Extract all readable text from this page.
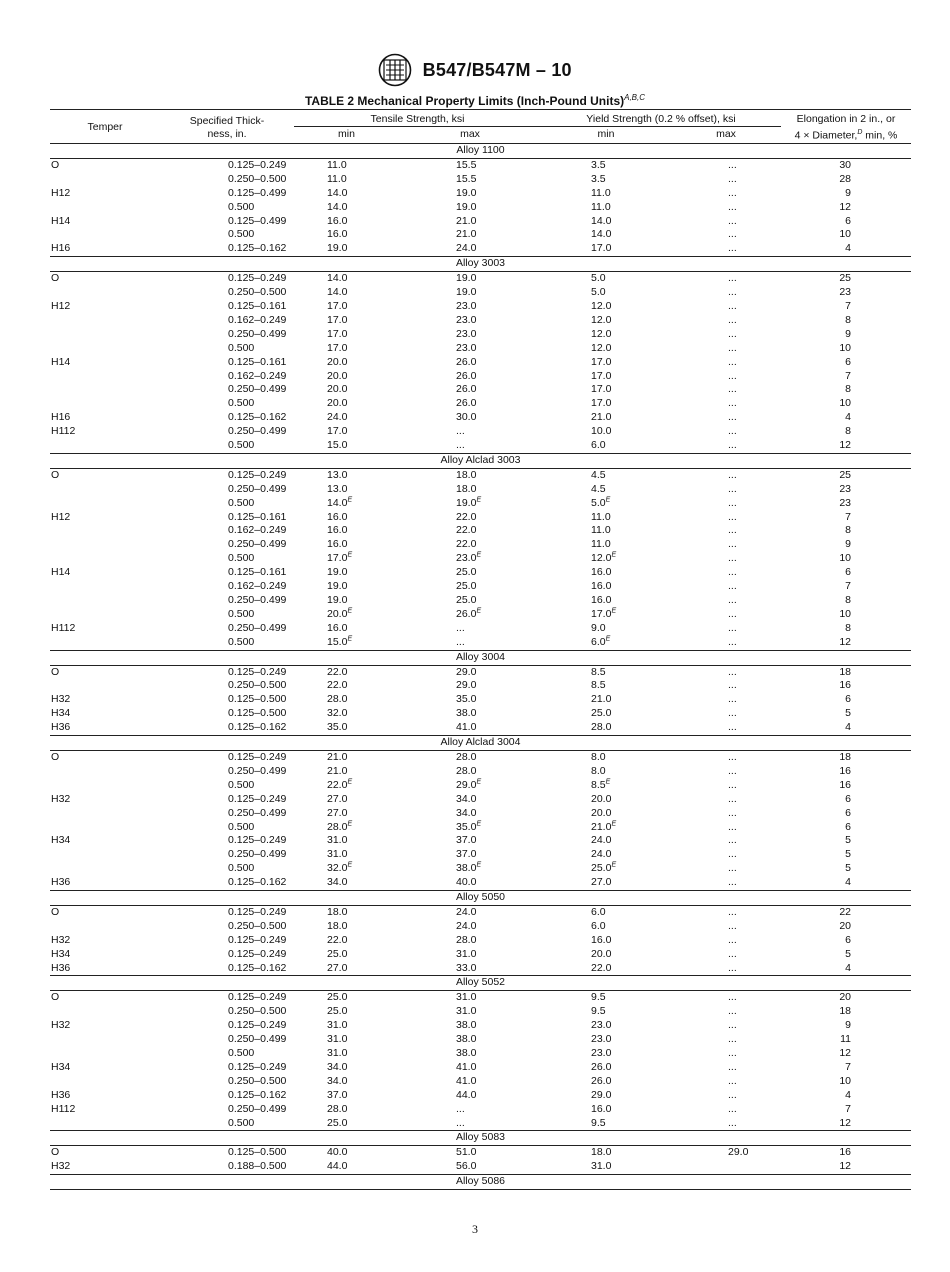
B547/B547M – 10
TABLE 2 Mechanical Property Limits (Inch-Pound Units)$^{A,B,C}$
Temper	Specified Thick-
ness, in.	Tensile Strength, ksi		Yield Strength (0.2 % offset), ksi		Elongation in 2 in., or
4 × Diameter,$^D$ min, %
		min	max	min	max	
Alloy 1100						
O	0.125–0.249	11.0	15.5	3.5	...	30
	0.250–0.500	11.0	15.5	3.5	...	28
H12	0.125–0.499	14.0	19.0	11.0	...	9
	0.500	14.0	19.0	11.0	...	12
H14	0.125–0.499	16.0	21.0	14.0	...	6
	0.500	16.0	21.0	14.0	...	10
H16	0.125–0.162	19.0	24.0	17.0	...	4
Alloy 3003						
O	0.125–0.249	14.0	19.0	5.0	...	25
	0.250–0.500	14.0	19.0	5.0	...	23
H12	0.125–0.161	17.0	23.0	12.0	...	7
	0.162–0.249	17.0	23.0	12.0	...	8
	0.250–0.499	17.0	23.0	12.0	...	9
	0.500	17.0	23.0	12.0	...	10
H14	0.125–0.161	20.0	26.0	17.0	...	6
	0.162–0.249	20.0	26.0	17.0	...	7
	0.250–0.499	20.0	26.0	17.0	...	8
	0.500	20.0	26.0	17.0	...	10
H16	0.125–0.162	24.0	30.0	21.0	...	4
H112	0.250–0.499	17.0	...	10.0	...	8
	0.500	15.0	...	6.0	...	12
Alloy Alclad 3003						
O	0.125–0.249	13.0	18.0	4.5	...	25
	0.250–0.499	13.0	18.0	4.5	...	23
	0.500	$14.0^E$	$19.0^E$	$5.0^E$	...	23
H12	0.125–0.161	16.0	22.0	11.0	...	7
	0.162–0.249	16.0	22.0	11.0	...	8
	0.250–0.499	16.0	22.0	11.0	...	9
	0.500	$17.0^E$	$23.0^E$	$12.0^E$	...	10
H14	0.125–0.161	19.0	25.0	16.0	...	6
	0.162–0.249	19.0	25.0	16.0	...	7
	0.250–0.499	19.0	25.0	16.0	...	8
	0.500	$20.0^E$	$26.0^E$	$17.0^E$	...	10
H112	0.250–0.499	16.0	...	9.0	...	8
	0.500	$15.0^E$	...	$6.0^E$	...	12
Alloy 3004						
O	0.125–0.249	22.0	29.0	8.5	...	18
	0.250–0.500	22.0	29.0	8.5	...	16
H32	0.125–0.500	28.0	35.0	21.0	...	6
H34	0.125–0.500	32.0	38.0	25.0	...	5
H36	0.125–0.162	35.0	41.0	28.0	...	4
Alloy Alclad 3004						
O	0.125–0.249	21.0	28.0	8.0	...	18
	0.250–0.499	21.0	28.0	8.0	...	16
	0.500	$22.0^E$	$29.0^E$	$8.5^E$	...	16
H32	0.125–0.249	27.0	34.0	20.0	...	6
	0.250–0.499	27.0	34.0	20.0	...	6
	0.500	$28.0^E$	$35.0^E$	$21.0^E$	...	6
H34	0.125–0.249	31.0	37.0	24.0	...	5
	0.250–0.499	31.0	37.0	24.0	...	5
	0.500	$32.0^E$	$38.0^E$	$25.0^E$	...	5
H36	0.125–0.162	34.0	40.0	27.0	...	4
Alloy 5050						
O	0.125–0.249	18.0	24.0	6.0	...	22
	0.250–0.500	18.0	24.0	6.0	...	20
H32	0.125–0.249	22.0	28.0	16.0	...	6
H34	0.125–0.249	25.0	31.0	20.0	...	5
H36	0.125–0.162	27.0	33.0	22.0	...	4
Alloy 5052						
O	0.125–0.249	25.0	31.0	9.5	...	20
	0.250–0.500	25.0	31.0	9.5	...	18
H32	0.125–0.249	31.0	38.0	23.0	...	9
	0.250–0.499	31.0	38.0	23.0	...	11
	0.500	31.0	38.0	23.0	...	12
H34	0.125–0.249	34.0	41.0	26.0	...	7
	0.250–0.500	34.0	41.0	26.0	...	10
H36	0.125–0.162	37.0	44.0	29.0	...	4
H112	0.250–0.499	28.0	...	16.0	...	7
	0.500	25.0	...	9.5	...	12
Alloy 5083						
O	0.125–0.500	40.0	51.0	18.0	29.0	16
H32	0.188–0.500	44.0	56.0	31.0		12
Alloy 5086						
3
